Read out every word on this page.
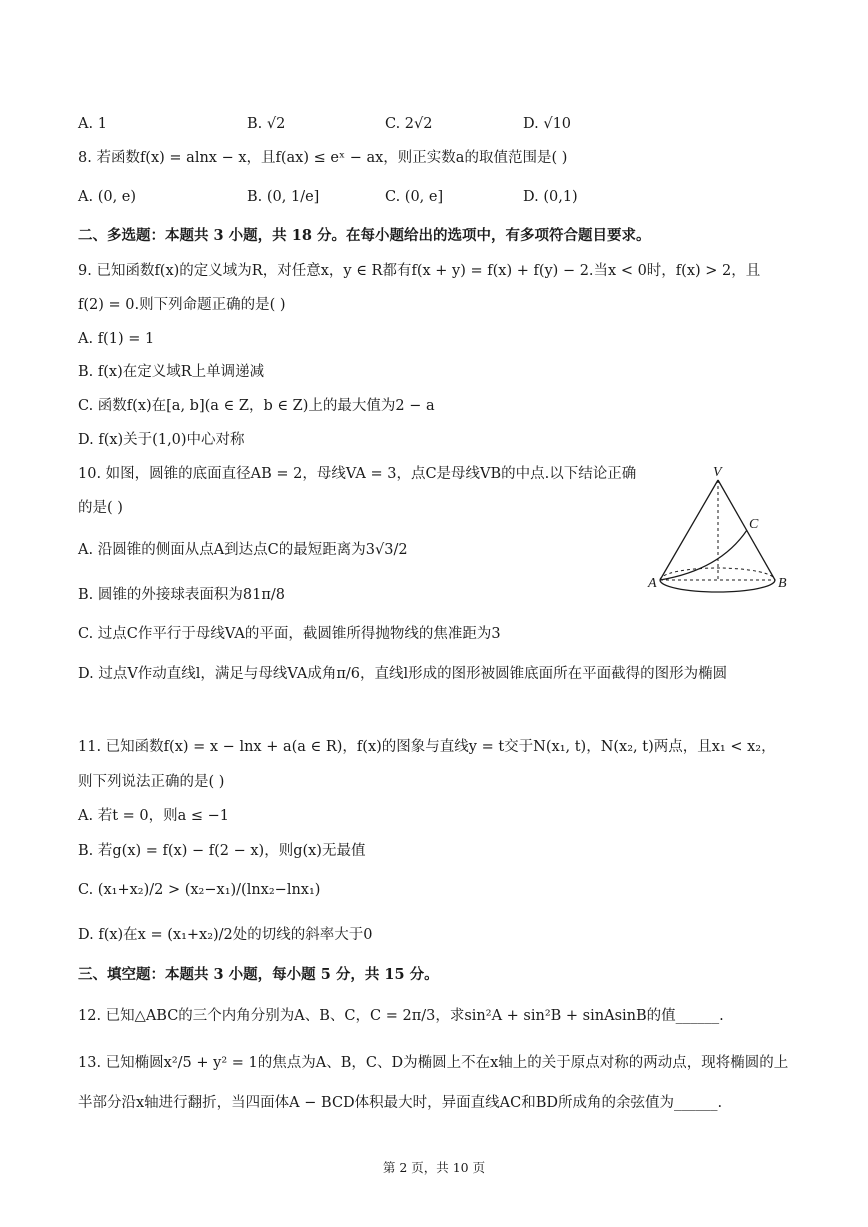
A. 1	B. √2	C. 2√2	D. √10
8. 若函数f(x) = alnx − x，且f(ax) ≤ eˣ − ax，则正实数a的取值范围是( )
A. (0, e)	B. (0, 1/e]	C. (0, e]	D. (0,1)
二、多选题：本题共 3 小题，共 18 分。在每小题给出的选项中，有多项符合题目要求。
9. 已知函数f(x)的定义域为R，对任意x，y ∈ R都有f(x + y) = f(x) + f(y) − 2.当x < 0时，f(x) > 2，且
f(2) = 0.则下列命题正确的是( )
A. f(1) = 1
B. f(x)在定义域R上单调递减
C. 函数f(x)在[a, b](a ∈ Z，b ∈ Z)上的最大值为2 − a
D. f(x)关于(1,0)中心对称
10. 如图，圆锥的底面直径AB = 2，母线VA = 3，点C是母线VB的中点.以下结论正确
的是( )
A. 沿圆锥的侧面从点A到达点C的最短距离为3√3/2
B. 圆锥的外接球表面积为81π/8
C. 过点C作平行于母线VA的平面，截圆锥所得抛物线的焦准距为3
D. 过点V作动直线l，满足与母线VA成角π/6，直线l形成的图形被圆锥底面所在平面截得的图形为椭圆
V
C
A	B
11. 已知函数f(x) = x − lnx + a(a ∈ R)，f(x)的图象与直线y = t交于N(x₁, t)，N(x₂, t)两点，且x₁ < x₂，
则下列说法正确的是( )
A. 若t = 0，则a ≤ −1
B. 若g(x) = f(x) − f(2 − x)，则g(x)无最值
C. (x₁+x₂)/2 > (x₂−x₁)/(lnx₂−lnx₁)
D. f(x)在x = (x₁+x₂)/2处的切线的斜率大于0
三、填空题：本题共 3 小题，每小题 5 分，共 15 分。
12. 已知△ABC的三个内角分别为A、B、C，C = 2π/3，求sin²A + sin²B + sinAsinB的值______.
13. 已知椭圆x²/5 + y² = 1的焦点为A、B，C、D为椭圆上不在x轴上的关于原点对称的两动点，现将椭圆的上
半部分沿x轴进行翻折，当四面体A − BCD体积最大时，异面直线AC和BD所成角的余弦值为______.
第 2 页，共 10 页
